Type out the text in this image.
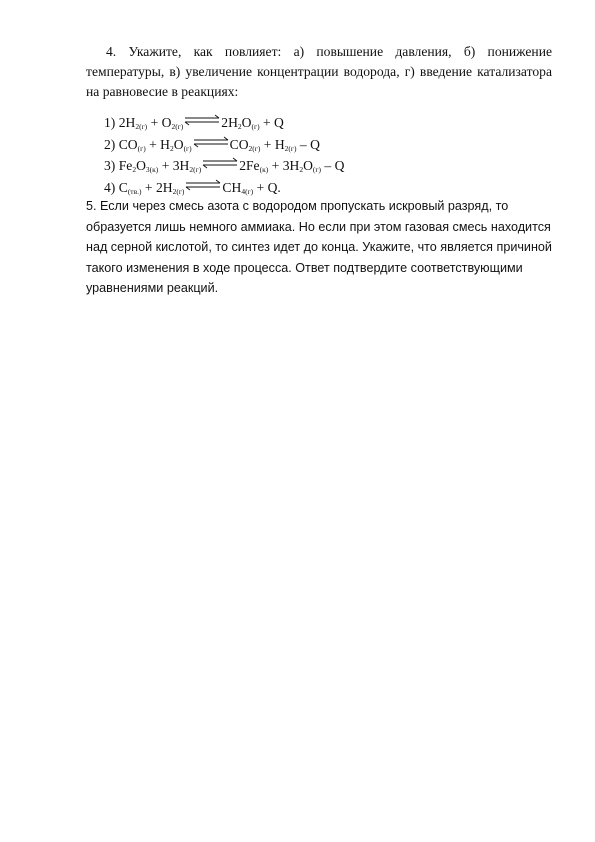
4. Укажите, как повлияет: а) повышение давления, б) понижение температуры, в) увеличение концентрации водорода, г) введение катализатора на равновесие в реакциях:
1) $2H_{2(г)} + O_{2(г)}$ $\rightleftharpoons 2H_2O_{(г)} + Q$
2) $CO_{(г)} + H_2O_{(г)}$ $\rightleftharpoons CO_{2(г)} + H_{2(г)} - Q$
3) $Fe_2O_{3(к)} + 3H_{2(г)}$ $\rightleftharpoons 2Fe_{(к)} + 3H_2O_{(г)} - Q$
4) $C_{(тв.)} + 2H_{2(г)}$ $\rightleftharpoons CH_{4(г)} + Q$.
5. Если через смесь азота с водородом пропускать искровый разряд, то образуется лишь немного аммиака. Но если при этом газовая смесь находится над серной кислотой, то синтез идет до конца. Укажите, что является причиной такого изменения в ходе процесса. Ответ подтвердите соответствующими уравнениями реакций.
